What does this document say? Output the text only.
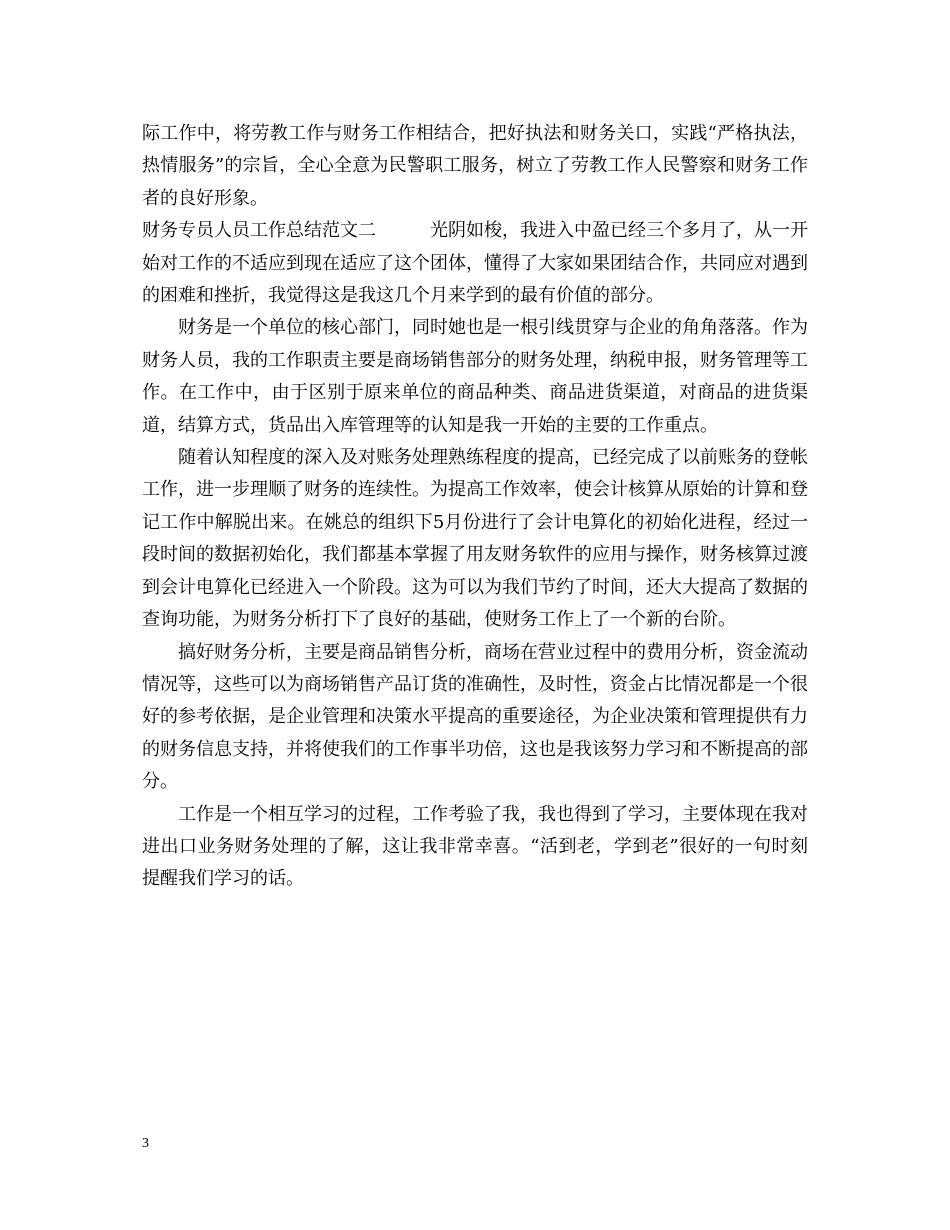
际工作中，将劳教工作与财务工作相结合，把好执法和财务关口，实践“严格执法，热情服务”的宗旨，全心全意为民警职工服务，树立了劳教工作人民警察和财务工作者的良好形象。

财务专员人员工作总结范文二	光阴如梭，我进入中盈已经三个多月了，从一开始对工作的不适应到现在适应了这个团体，懂得了大家如果团结合作，共同应对遇到的困难和挫折，我觉得这是我这几个月来学到的最有价值的部分。

财务是一个单位的核心部门，同时她也是一根引线贯穿与企业的角角落落。作为财务人员，我的工作职责主要是商场销售部分的财务处理，纳税申报，财务管理等工作。在工作中，由于区别于原来单位的商品种类、商品进货渠道，对商品的进货渠道，结算方式，货品出入库管理等的认知是我一开始的主要的工作重点。

随着认知程度的深入及对账务处理熟练程度的提高，已经完成了以前账务的登帐工作，进一步理顺了财务的连续性。为提高工作效率，使会计核算从原始的计算和登记工作中解脱出来。在姚总的组织下5月份进行了会计电算化的初始化进程，经过一段时间的数据初始化，我们都基本掌握了用友财务软件的应用与操作，财务核算过渡到会计电算化已经进入一个阶段。这为可以为我们节约了时间，还大大提高了数据的查询功能，为财务分析打下了良好的基础，使财务工作上了一个新的台阶。

搞好财务分析，主要是商品销售分析，商场在营业过程中的费用分析，资金流动情况等，这些可以为商场销售产品订货的准确性，及时性，资金占比情况都是一个很好的参考依据，是企业管理和决策水平提高的重要途径，为企业决策和管理提供有力的财务信息支持，并将使我们的工作事半功倍，这也是我该努力学习和不断提高的部分。

工作是一个相互学习的过程，工作考验了我，我也得到了学习，主要体现在我对进出口业务财务处理的了解，这让我非常幸喜。“活到老，学到老”很好的一句时刻提醒我们学习的话。

3
